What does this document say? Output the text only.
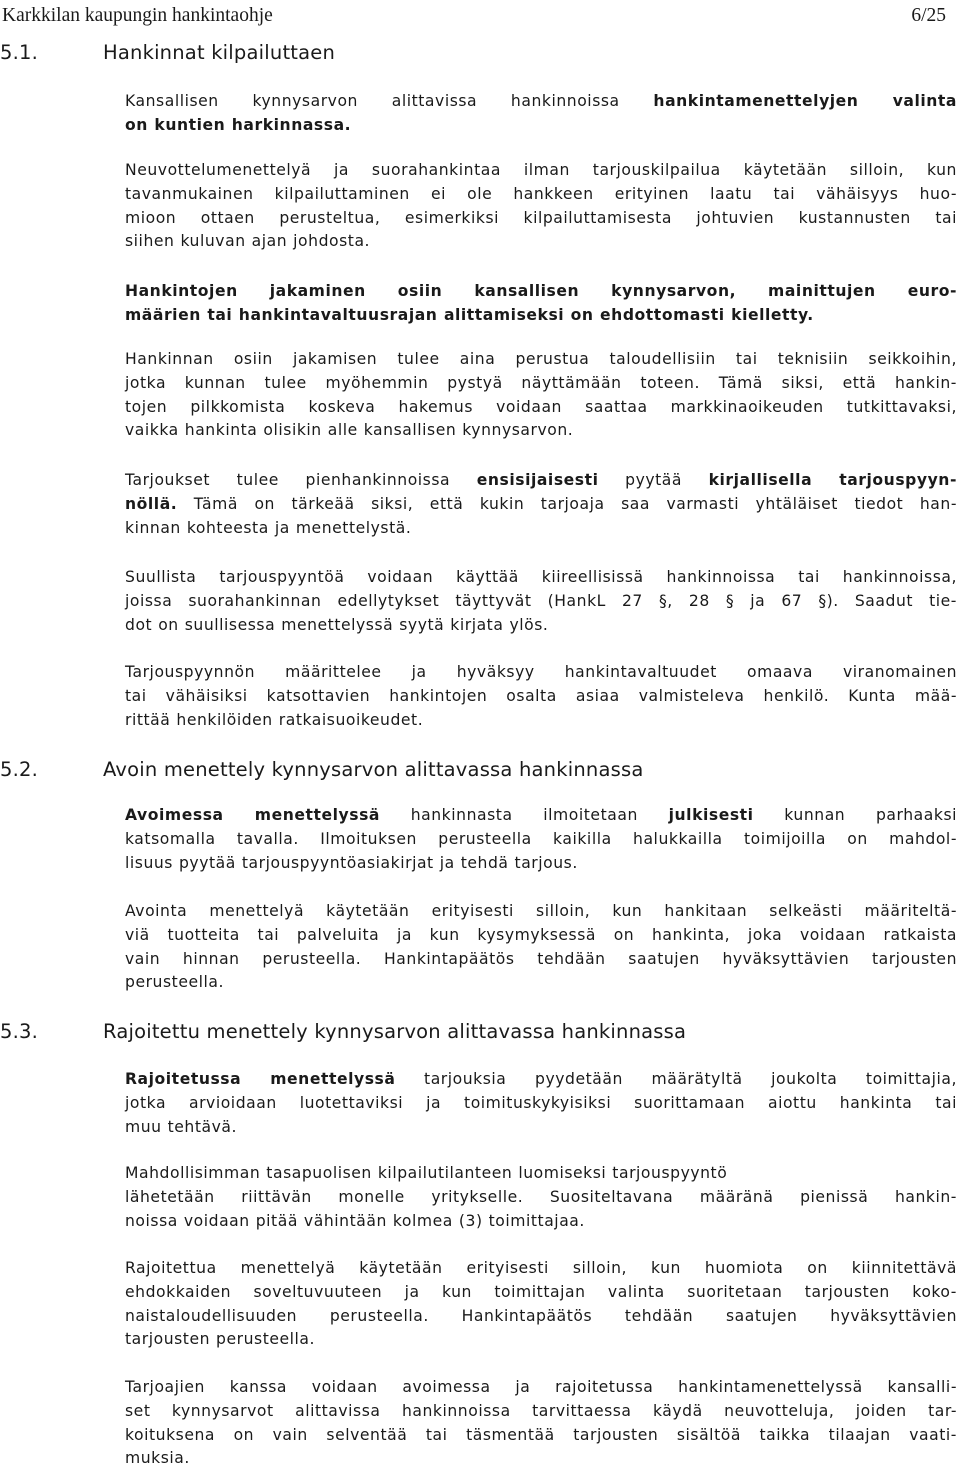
Karkkilan kaupungin hankintaohje	6/25
5.1.	Hankinnat kilpailuttaen
Kansallisen kynnysarvon alittavissa hankinnoissa hankintamenettelyjen valinta
on kuntien harkinnassa.
Neuvottelumenettelyä ja suorahankintaa ilman tarjouskilpailua käytetään silloin, kun
tavanmukainen kilpailuttaminen ei ole hankkeen erityinen laatu tai vähäisyys huo-
mioon ottaen perusteltua, esimerkiksi kilpailuttamisesta johtuvien kustannusten tai
siihen kuluvan ajan johdosta.
Hankintojen jakaminen osiin kansallisen kynnysarvon, mainittujen euro-
määrien tai hankintavaltuusrajan alittamiseksi on ehdottomasti kielletty.
Hankinnan osiin jakamisen tulee aina perustua taloudellisiin tai teknisiin seikkoihin,
jotka kunnan tulee myöhemmin pystyä näyttämään toteen. Tämä siksi, että hankin-
tojen pilkkomista koskeva hakemus voidaan saattaa markkinaoikeuden tutkittavaksi,
vaikka hankinta olisikin alle kansallisen kynnysarvon.
Tarjoukset tulee pienhankinnoissa ensisijaisesti pyytää kirjallisella tarjouspyyn-
nöllä. Tämä on tärkeää siksi, että kukin tarjoaja saa varmasti yhtäläiset tiedot han-
kinnan kohteesta ja menettelystä.
Suullista tarjouspyyntöä voidaan käyttää kiireellisissä hankinnoissa tai hankinnoissa,
joissa suorahankinnan edellytykset täyttyvät (HankL 27 §, 28 § ja 67 §). Saadut tie-
dot on suullisessa menettelyssä syytä kirjata ylös.
Tarjouspyynnön määrittelee ja hyväksyy hankintavaltuudet omaava viranomainen
tai vähäisiksi katsottavien hankintojen osalta asiaa valmisteleva henkilö. Kunta mää-
rittää henkilöiden ratkaisuoikeudet.
5.2.	Avoin menettely kynnysarvon alittavassa hankinnassa
Avoimessa menettelyssä hankinnasta ilmoitetaan julkisesti kunnan parhaaksi
katsomalla tavalla. Ilmoituksen perusteella kaikilla halukkailla toimijoilla on mahdol-
lisuus pyytää tarjouspyyntöasiakirjat ja tehdä tarjous.
Avointa menettelyä käytetään erityisesti silloin, kun hankitaan selkeästi määriteltä-
viä tuotteita tai palveluita ja kun kysymyksessä on hankinta, joka voidaan ratkaista
vain hinnan perusteella. Hankintapäätös tehdään saatujen hyväksyttävien tarjousten
perusteella.
5.3.	Rajoitettu menettely kynnysarvon alittavassa hankinnassa
Rajoitetussa menettelyssä tarjouksia pyydetään määrätyltä joukolta toimittajia,
jotka arvioidaan luotettaviksi ja toimituskykyisiksi suorittamaan aiottu hankinta tai
muu tehtävä.
Mahdollisimman tasapuolisen kilpailutilanteen luomiseksi tarjouspyyntö
lähetetään riittävän monelle yritykselle. Suositeltavana määränä pienissä hankin-
noissa voidaan pitää vähintään kolmea (3) toimittajaa.
Rajoitettua menettelyä käytetään erityisesti silloin, kun huomiota on kiinnitettävä
ehdokkaiden soveltuvuuteen ja kun toimittajan valinta suoritetaan tarjousten koko-
naistaloudellisuuden perusteella. Hankintapäätös tehdään saatujen hyväksyttävien
tarjousten perusteella.
Tarjoajien kanssa voidaan avoimessa ja rajoitetussa hankintamenettelyssä kansalli-
set kynnysarvot alittavissa hankinnoissa tarvittaessa käydä neuvotteluja, joiden tar-
koituksena on vain selventää tai täsmentää tarjousten sisältöä taikka tilaajan vaati-
muksia.
